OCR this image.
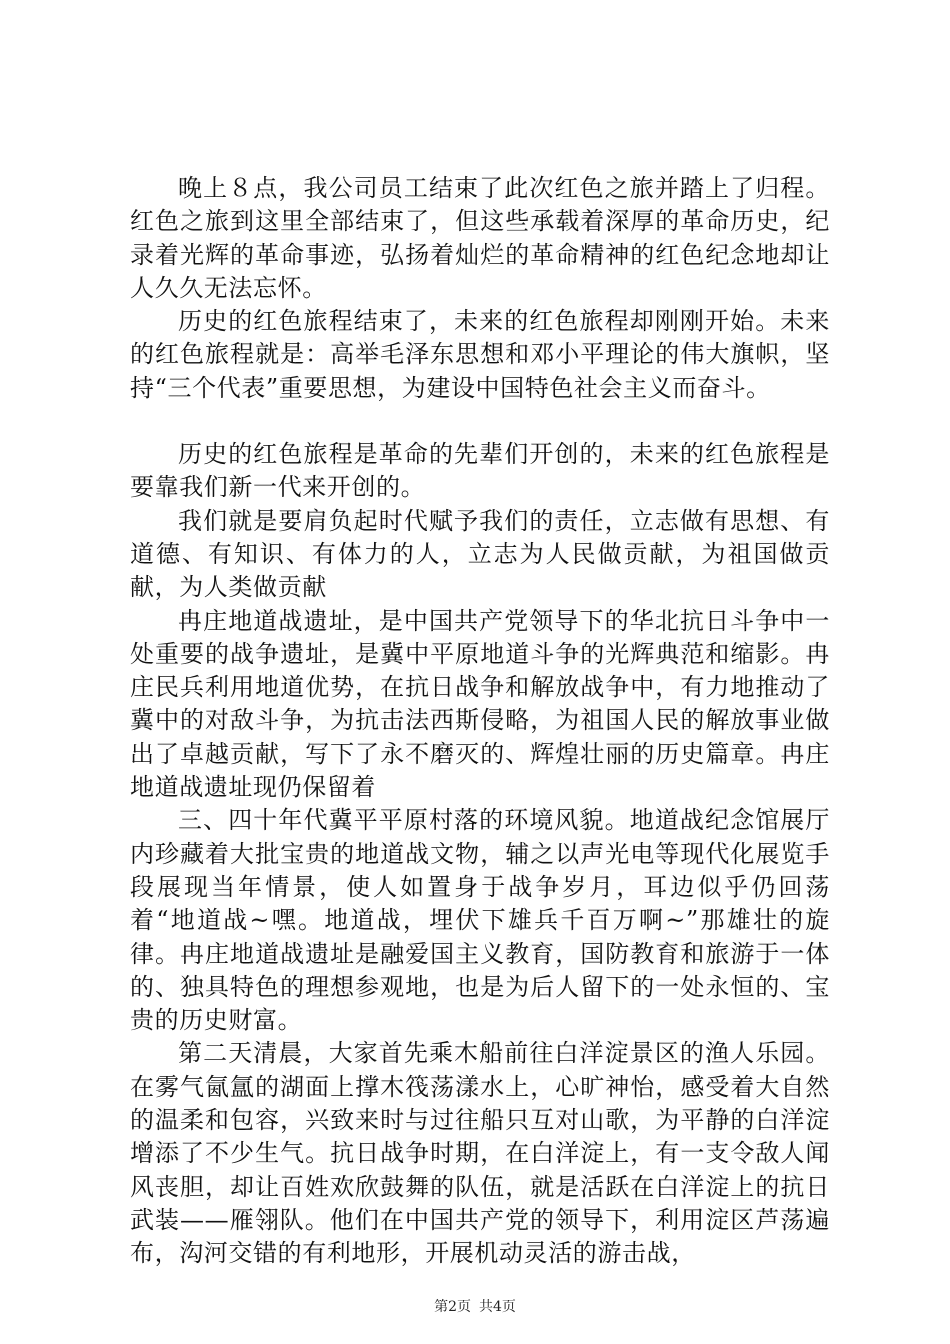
晚上８点，我公司员工结束了此次红色之旅并踏上了归程。红色之旅到这里全部结束了，但这些承载着深厚的革命历史，纪录着光辉的革命事迹，弘扬着灿烂的革命精神的红色纪念地却让人久久无法忘怀。

历史的红色旅程结束了，未来的红色旅程却刚刚开始。未来的红色旅程就是：高举毛泽东思想和邓小平理论的伟大旗帜，坚持“三个代表”重要思想，为建设中国特色社会主义而奋斗。

历史的红色旅程是革命的先辈们开创的，未来的红色旅程是要靠我们新一代来开创的。

我们就是要肩负起时代赋予我们的责任，立志做有思想、有道德、有知识、有体力的人，立志为人民做贡献，为祖国做贡献，为人类做贡献

冉庄地道战遗址，是中国共产党领导下的华北抗日斗争中一处重要的战争遗址，是冀中平原地道斗争的光辉典范和缩影。冉庄民兵利用地道优势，在抗日战争和解放战争中，有力地推动了冀中的对敌斗争，为抗击法西斯侵略，为祖国人民的解放事业做出了卓越贡献，写下了永不磨灭的、辉煌壮丽的历史篇章。冉庄地道战遗址现仍保留着

三、四十年代冀平平原村落的环境风貌。地道战纪念馆展厅内珍藏着大批宝贵的地道战文物，辅之以声光电等现代化展览手段展现当年情景，使人如置身于战争岁月，耳边似乎仍回荡着“地道战~嘿。地道战，埋伏下雄兵千百万啊~”那雄壮的旋律。冉庄地道战遗址是融爱国主义教育，国防教育和旅游于一体的、独具特色的理想参观地，也是为后人留下的一处永恒的、宝贵的历史财富。

第二天清晨，大家首先乘木船前往白洋淀景区的渔人乐园。在雾气氤氲的湖面上撑木筏荡漾水上，心旷神怡，感受着大自然的温柔和包容，兴致来时与过往船只互对山歌，为平静的白洋淀增添了不少生气。抗日战争时期，在白洋淀上，有一支令敌人闻风丧胆，却让百姓欢欣鼓舞的队伍，就是活跃在白洋淀上的抗日武装——雁翎队。他们在中国共产党的领导下，利用淀区芦荡遍布，沟河交错的有利地形，开展机动灵活的游击战，

第2页 共4页
